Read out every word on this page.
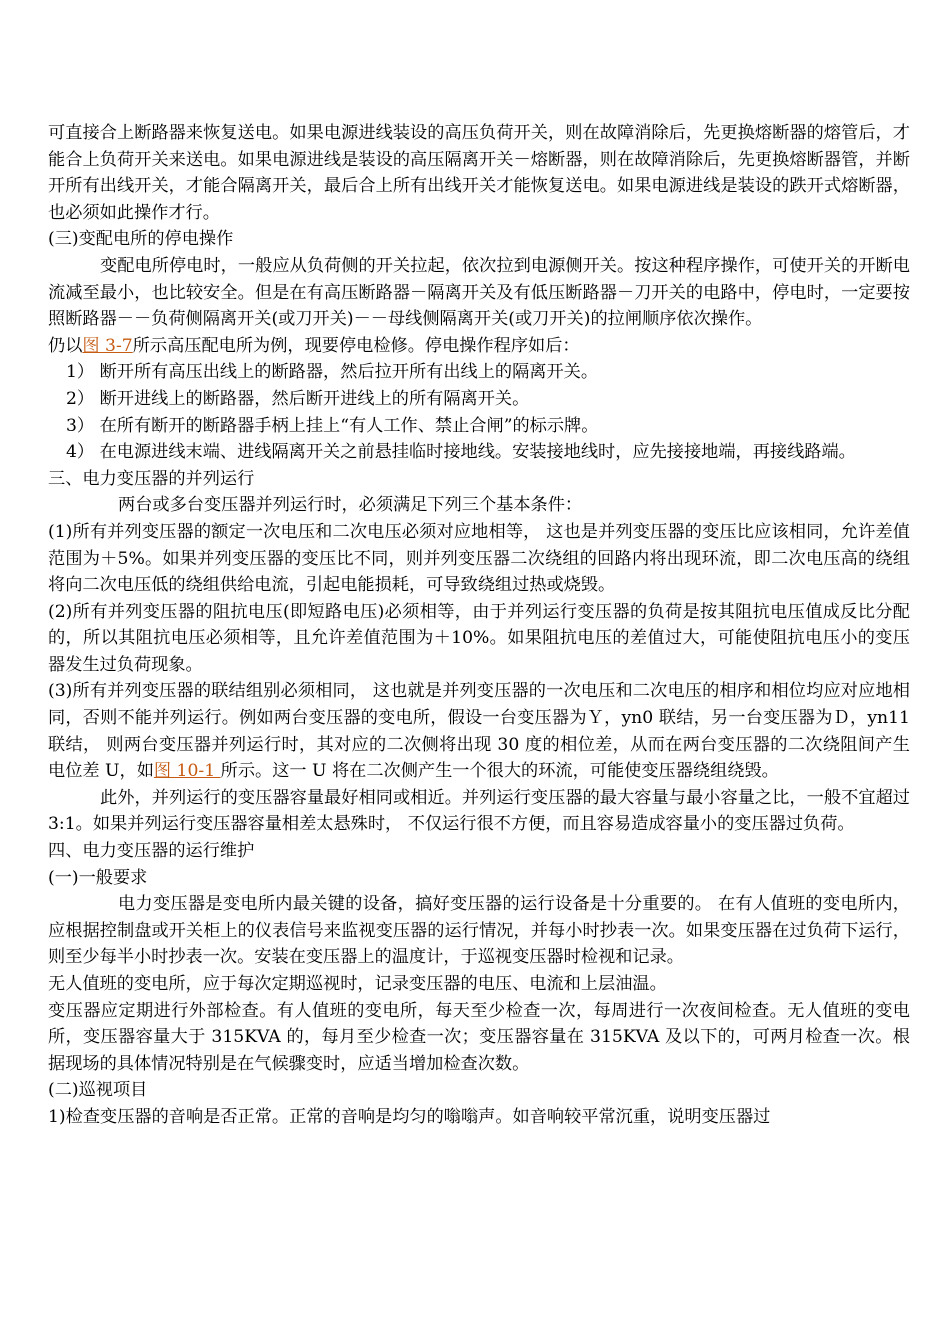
可直接合上断路器来恢复送电。如果电源进线装设的高压负荷开关，则在故障消除后，先更换熔断器的熔管后，才能合上负荷开关来送电。如果电源进线是装设的高压隔离开关－熔断器，则在故障消除后，先更换熔断器管，并断开所有出线开关，才能合隔离开关，最后合上所有出线开关才能恢复送电。如果电源进线是装设的跌开式熔断器，也必须如此操作才行。

(三)变配电所的停电操作

变配电所停电时，一般应从负荷侧的开关拉起，依次拉到电源侧开关。按这种程序操作，可使开关的开断电流减至最小，也比较安全。但是在有高压断路器－隔离开关及有低压断路器－刀开关的电路中，停电时，一定要按照断路器－－负荷侧隔离开关(或刀开关)－－母线侧隔离开关(或刀开关)的拉闸顺序依次操作。

仍以图 3-7所示高压配电所为例，现要停电检修。停电操作程序如后：

1） 断开所有高压出线上的断路器，然后拉开所有出线上的隔离开关。

2） 断开进线上的断路器，然后断开进线上的所有隔离开关。

3） 在所有断开的断路器手柄上挂上“有人工作、禁止合闸”的标示牌。

4） 在电源进线末端、进线隔离开关之前悬挂临时接地线。安装接地线时，应先接接地端，再接线路端。

三、电力变压器的并列运行

两台或多台变压器并列运行时，必须满足下列三个基本条件：

(1)所有并列变压器的额定一次电压和二次电压必须对应地相等， 这也是并列变压器的变压比应该相同，允许差值范围为＋5%。如果并列变压器的变压比不同，则并列变压器二次绕组的回路内将出现环流，即二次电压高的绕组将向二次电压低的绕组供给电流，引起电能损耗，可导致绕组过热或烧毁。

(2)所有并列变压器的阻抗电压(即短路电压)必须相等，由于并列运行变压器的负荷是按其阻抗电压值成反比分配的，所以其阻抗电压必须相等，且允许差值范围为＋10%。如果阻抗电压的差值过大，可能使阻抗电压小的变压器发生过负荷现象。

(3)所有并列变压器的联结组别必须相同， 这也就是并列变压器的一次电压和二次电压的相序和相位均应对应地相同，否则不能并列运行。例如两台变压器的变电所，假设一台变压器为Ｙ，yn0 联结，另一台变压器为Ｄ，yn11 联结， 则两台变压器并列运行时，其对应的二次侧将出现 30 度的相位差，从而在两台变压器的二次绕阻间产生电位差 U，如图 10-1 所示。这一 U 将在二次侧产生一个很大的环流，可能使变压器绕组绕毁。

此外，并列运行的变压器容量最好相同或相近。并列运行变压器的最大容量与最小容量之比，一般不宜超过 3:1。如果并列运行变压器容量相差太悬殊时， 不仅运行很不方便，而且容易造成容量小的变压器过负荷。

四、电力变压器的运行维护

(一)一般要求

电力变压器是变电所内最关键的设备，搞好变压器的运行设备是十分重要的。 在有人值班的变电所内，应根据控制盘或开关柜上的仪表信号来监视变压器的运行情况，并每小时抄表一次。如果变压器在过负荷下运行，则至少每半小时抄表一次。安装在变压器上的温度计，于巡视变压器时检视和记录。

无人值班的变电所，应于每次定期巡视时，记录变压器的电压、电流和上层油温。

变压器应定期进行外部检查。有人值班的变电所，每天至少检查一次，每周进行一次夜间检查。无人值班的变电所，变压器容量大于 315KVA 的，每月至少检查一次；变压器容量在 315KVA 及以下的，可两月检查一次。根据现场的具体情况特别是在气候骤变时，应适当增加检查次数。

(二)巡视项目

1)检查变压器的音响是否正常。正常的音响是均匀的嗡嗡声。如音响较平常沉重，说明变压器过
